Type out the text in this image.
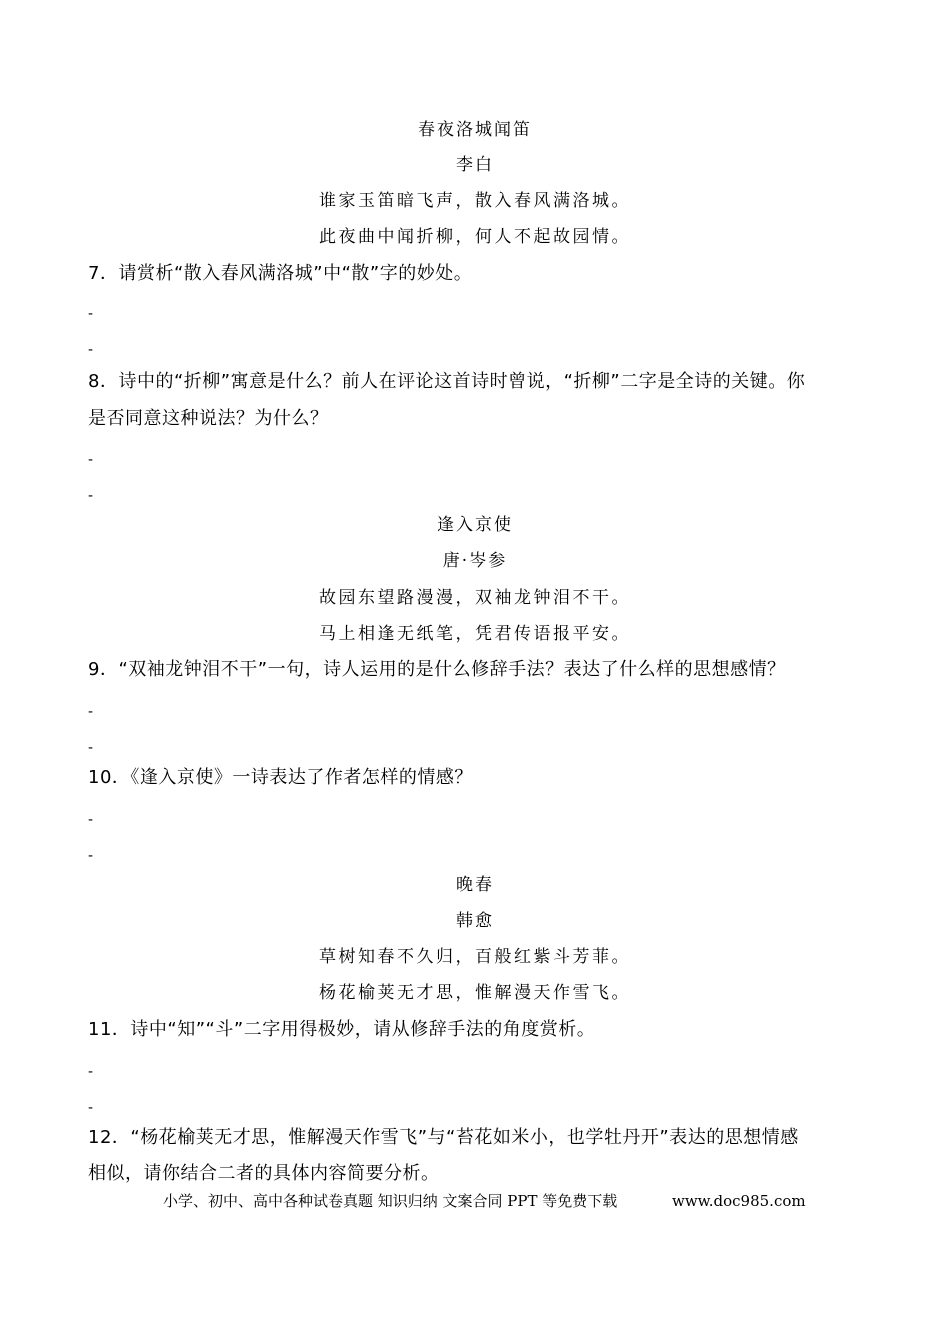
春夜洛城闻笛
李白
谁家玉笛暗飞声，散入春风满洛城。
此夜曲中闻折柳，何人不起故园情。
7．请赏析“散入春风满洛城”中“散”字的妙处。
-
-
8．诗中的“折柳”寓意是什么？前人在评论这首诗时曾说，“折柳”二字是全诗的关键。你
是否同意这种说法？为什么？
-
-
逢入京使
唐·岑参
故园东望路漫漫，双袖龙钟泪不干。
马上相逢无纸笔，凭君传语报平安。
9．“双袖龙钟泪不干”一句，诗人运用的是什么修辞手法？表达了什么样的思想感情？
-
-
10．《逢入京使》一诗表达了作者怎样的情感？
-
-
晚春
韩愈
草树知春不久归，百般红紫斗芳菲。
杨花榆荚无才思，惟解漫天作雪飞。
11．诗中“知”“斗”二字用得极妙，请从修辞手法的角度赏析。
-
-
12．“杨花榆荚无才思，惟解漫天作雪飞”与“苔花如米小，也学牡丹开”表达的思想情感
相似，请你结合二者的具体内容简要分析。
小学、初中、高中各种试卷真题 知识归纳 文案合同 PPT 等免费下载	www.doc985.com
